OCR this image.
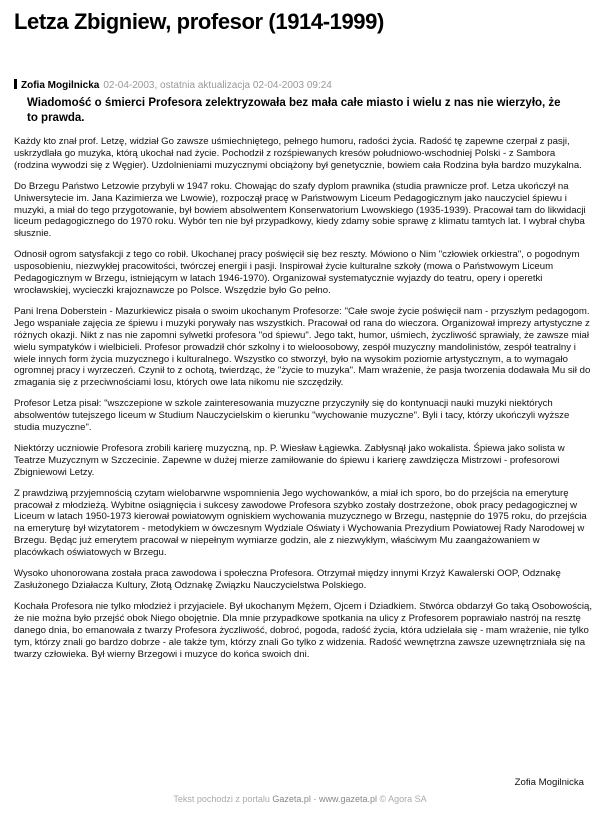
Letza Zbigniew, profesor (1914-1999)
Zofia Mogilnicka 02-04-2003, ostatnia aktualizacja 02-04-2003 09:24
Wiadomość o śmierci Profesora zelektryzowała bez mała całe miasto i wielu z nas nie wierzyło, że to prawda.

Każdy kto znał prof. Letzę, widział Go zawsze uśmiechniętego, pełnego humoru, radości życia. Radość tę zapewne czerpał z pasji, uskrzydlała go muzyka, którą ukochał nad życie. Pochodził z rozśpiewanych kresów południowo-wschodniej Polski - z Sambora (rodzina wywodzi się z Węgier). Uzdolnieniami muzycznymi obciążony był genetycznie, bowiem cała Rodzina była bardzo muzykalna.

Do Brzegu Państwo Letzowie przybyli w 1947 roku. Chowając do szafy dyplom prawnika (studia prawnicze prof. Letza ukończył na Uniwersytecie im. Jana Kazimierza we Lwowie), rozpoczął pracę w Państwowym Liceum Pedagogicznym jako nauczyciel śpiewu i muzyki, a miał do tego przygotowanie, był bowiem absolwentem Konserwatorium Lwowskiego (1935-1939). Pracował tam do likwidacji liceum pedagogicznego do 1970 roku. Wybór ten nie był przypadkowy, kiedy zdamy sobie sprawę z klimatu tamtych lat. I wybrał chyba słusznie.

Odnosił ogrom satysfakcji z tego co robił. Ukochanej pracy poświęcił się bez reszty. Mówiono o Nim "człowiek orkiestra", o pogodnym usposobieniu, niezwykłej pracowitości, twórczej energii i pasji. Inspirował życie kulturalne szkoły (mowa o Państwowym Liceum Pedagogicznym w Brzegu, istniejącym w latach 1946-1970). Organizował systematycznie wyjazdy do teatru, opery i operetki wrocławskiej, wycieczki krajoznawcze po Polsce. Wszędzie było Go pełno.

Pani Irena Doberstein - Mazurkiewicz pisała o swoim ukochanym Profesorze: "Całe swoje życie poświęcił nam - przyszłym pedagogom. Jego wspaniałe zajęcia ze śpiewu i muzyki porywały nas wszystkich. Pracował od rana do wieczora. Organizował imprezy artystyczne z różnych okazji. Nikt z nas nie zapomni sylwetki profesora "od śpiewu". Jego takt, humor, uśmiech, życzliwość sprawiały, że zawsze miał wielu sympatyków i wielbicieli. Profesor prowadził chór szkolny i to wieloosobowy, zespół muzyczny mandolinistów, zespół teatralny i wiele innych form życia muzycznego i kulturalnego. Wszystko co stworzył, było na wysokim poziomie artystycznym, a to wymagało ogromnej pracy i wyrzeczeń. Czynił to z ochotą, twierdząc, że "życie to muzyka". Mam wrażenie, że pasja tworzenia dodawała Mu sił do zmagania się z przeciwnościami losu, których owe lata nikomu nie szczędziły.

Profesor Letza pisał: "wszczepione w szkole zainteresowania muzyczne przyczyniły się do kontynuacji nauki muzyki niektórych absolwentów tutejszego liceum w Studium Nauczycielskim o kierunku "wychowanie muzyczne". Byli i tacy, którzy ukończyli wyższe studia muzyczne".

Niektórzy uczniowie Profesora zrobili karierę muzyczną, np. P. Wiesław Łągiewka. Zabłysnął jako wokalista. Śpiewa jako solista w Teatrze Muzycznym w Szczecinie. Zapewne w dużej mierze zamiłowanie do śpiewu i karierę zawdzięcza Mistrzowi - profesorowi Zbigniewowi Letzy.

Z prawdziwą przyjemnością czytam wielobarwne wspomnienia Jego wychowanków, a miał ich sporo, bo do przejścia na emeryturę pracował z młodzieżą. Wybitne osiągnięcia i sukcesy zawodowe Profesora szybko zostały dostrzeżone, obok pracy pedagogicznej w Liceum w latach 1950-1973 kierował powiatowym ogniskiem wychowania muzycznego w Brzegu, następnie do 1975 roku, do przejścia na emeryturę był wizytatorem - metodykiem w ówczesnym Wydziale Oświaty i Wychowania Prezydium Powiatowej Rady Narodowej w Brzegu. Będąc już emerytem pracował w niepełnym wymiarze godzin, ale z niezwykłym, właściwym Mu zaangażowaniem w placówkach oświatowych w Brzegu.

Wysoko uhonorowana została praca zawodowa i społeczna Profesora. Otrzymał między innymi Krzyż Kawalerski OOP, Odznakę Zasłużonego Działacza Kultury, Złotą Odznakę Związku Nauczycielstwa Polskiego.

Kochała Profesora nie tylko młodzież i przyjaciele. Był ukochanym Mężem, Ojcem i Dziadkiem. Stwórca obdarzył Go taką Osobowością, że nie można było przejść obok Niego obojętnie. Dla mnie przypadkowe spotkania na ulicy z Profesorem poprawiało nastrój na resztę danego dnia, bo emanowała z twarzy Profesora życzliwość, dobroć, pogoda, radość życia, która udzielała się - mam wrażenie, nie tylko tym, którzy znali go bardzo dobrze - ale także tym, którzy znali Go tylko z widzenia. Radość wewnętrzna zawsze uzewnętrzniała się na twarzy człowieka. Był wierny Brzegowi i muzyce do końca swoich dni.

Zofia Mogilnicka
Tekst pochodzi z portalu Gazeta.pl - www.gazeta.pl © Agora SA
